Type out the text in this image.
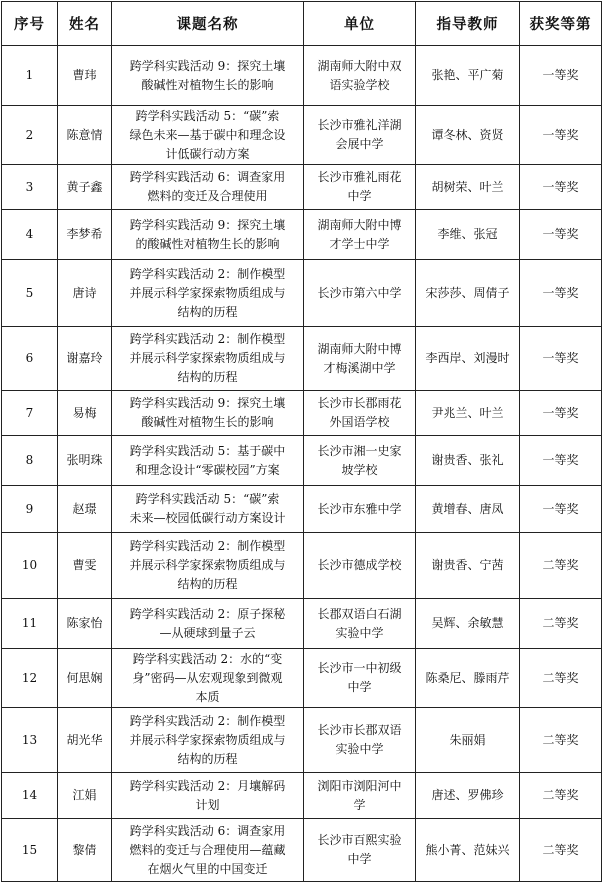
序号	姓名	课题名称	单位	指导教师	获奖等第
1	曹玮	跨学科实践活动 9：探究土壤
酸碱性对植物生长的影响	湖南师大附中双
语实验学校	张艳、平广菊	一等奖
2	陈意情	跨学科实践活动 5：“碳”索
绿色未来—基于碳中和理念设
计低碳行动方案	长沙市雅礼洋湖
会展中学	谭冬林、资贤	一等奖
3	黄子鑫	跨学科实践活动 6：调查家用
燃料的变迁及合理使用	长沙市雅礼雨花
中学	胡树荣、叶兰	一等奖
4	李梦希	跨学科实践活动 9：探究土壤
的酸碱性对植物生长的影响	湖南师大附中博
才学士中学	李维、张冠	一等奖
5	唐诗	跨学科实践活动 2：制作模型
并展示科学家探索物质组成与
结构的历程	长沙市第六中学	宋莎莎、周倩子	一等奖
6	谢嘉玲	跨学科实践活动 2：制作模型
并展示科学家探索物质组成与
结构的历程	湖南师大附中博
才梅溪湖中学	李西岸、刘漫时	一等奖
7	易梅	跨学科实践活动 9：探究土壤
酸碱性对植物生长的影响	长沙市长郡雨花
外国语学校	尹兆兰、叶兰	一等奖
8	张明珠	跨学科实践活动 5：基于碳中
和理念设计“零碳校园”方案	长沙市湘一史家
坡学校	谢贵香、张礼	一等奖
9	赵璟	跨学科实践活动 5：“碳”索
未来—校园低碳行动方案设计	长沙市东雅中学	黄增春、唐凤	一等奖
10	曹雯	跨学科实践活动 2：制作模型
并展示科学家探索物质组成与
结构的历程	长沙市德成学校	谢贵香、宁茜	二等奖
11	陈家怡	跨学科实践活动 2：原子探秘
—从硬球到量子云	长郡双语白石湖
实验中学	吴辉、余敏慧	二等奖
12	何思娴	跨学科实践活动 2：水的“变
身”密码—从宏观现象到微观
本质	长沙市一中初级
中学	陈桑尼、滕雨芹	二等奖
13	胡光华	跨学科实践活动 2：制作模型
并展示科学家探索物质组成与
结构的历程	长沙市长郡双语
实验中学	朱丽娟	二等奖
14	江娟	跨学科实践活动 2：月壤解码
计划	浏阳市浏阳河中
学	唐述、罗佛珍	二等奖
15	黎倩	跨学科实践活动 6：调查家用
燃料的变迁与合理使用—蕴藏
在烟火气里的中国变迁	长沙市百熙实验
中学	熊小菁、范妹兴	二等奖
